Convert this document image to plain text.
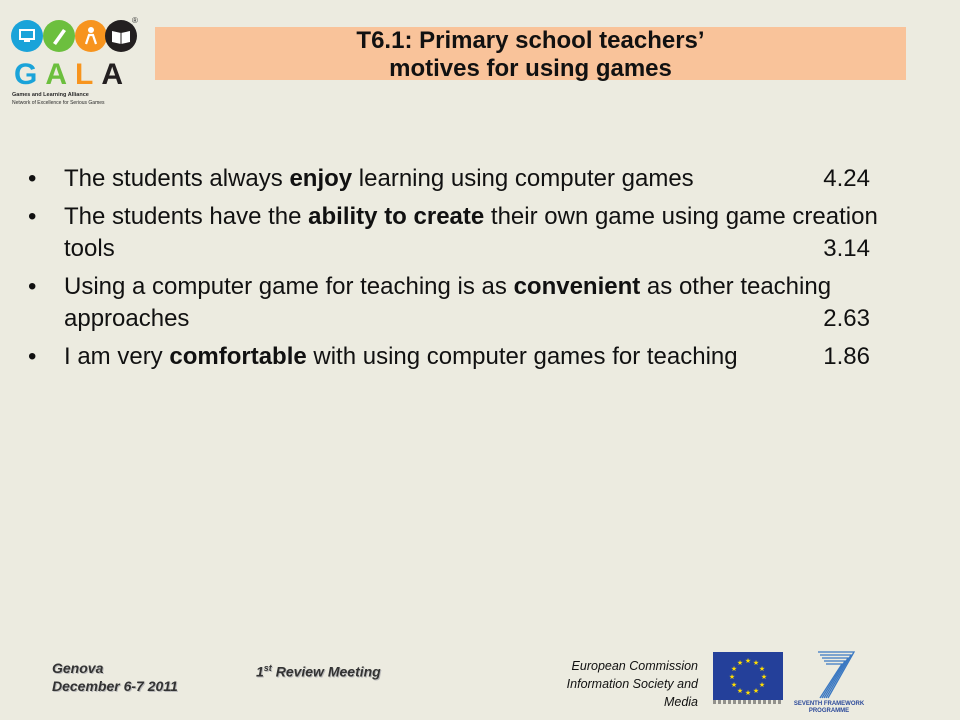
®
GALA
Games and Learning Alliance
Network of Excellence for Serious Games
T6.1: Primary school teachers’
motives for using games
• The students always enjoy learning using computer games	4.24
• The students have the ability to create their own game using game creation tools	3.14
• Using a computer game for teaching is as convenient as other teaching approaches	2.63
• I am very comfortable with using computer games for teaching	1.86
Genova
December 6-7 2011
1st Review Meeting	European Commission
Information Society and
Media
★ ★
★
★
★
★
★
★
★
★
★
★
SEVENTH FRAMEWORK
PROGRAMME
